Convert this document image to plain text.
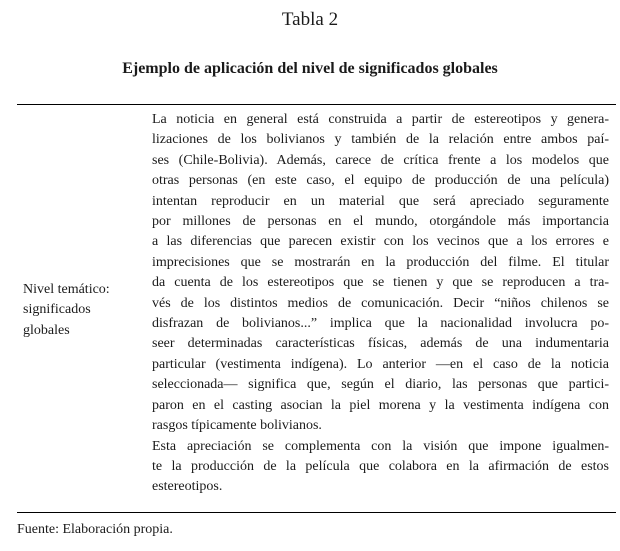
Tabla 2
Ejemplo de aplicación del nivel de significados globales
Nivel temático:
significados
globales
La noticia en general está construida a partir de estereotipos y genera-
lizaciones de los bolivianos y también de la relación entre ambos paí-
ses (Chile-Bolivia). Además, carece de crítica frente a los modelos que
otras personas (en este caso, el equipo de producción de una película)
intentan reproducir en un material que será apreciado seguramente
por millones de personas en el mundo, otorgándole más importancia
a las diferencias que parecen existir con los vecinos que a los errores e
imprecisiones que se mostrarán en la producción del filme. El titular
da cuenta de los estereotipos que se tienen y que se reproducen a tra-
vés de los distintos medios de comunicación. Decir “niños chilenos se
disfrazan de bolivianos...” implica que la nacionalidad involucra po-
seer determinadas características físicas, además de una indumentaria
particular (vestimenta indígena). Lo anterior —en el caso de la noticia
seleccionada— significa que, según el diario, las personas que partici-
paron en el casting asocian la piel morena y la vestimenta indígena con
rasgos típicamente bolivianos.
Esta apreciación se complementa con la visión que impone igualmen-
te la producción de la película que colabora en la afirmación de estos
estereotipos.
Fuente: Elaboración propia.
